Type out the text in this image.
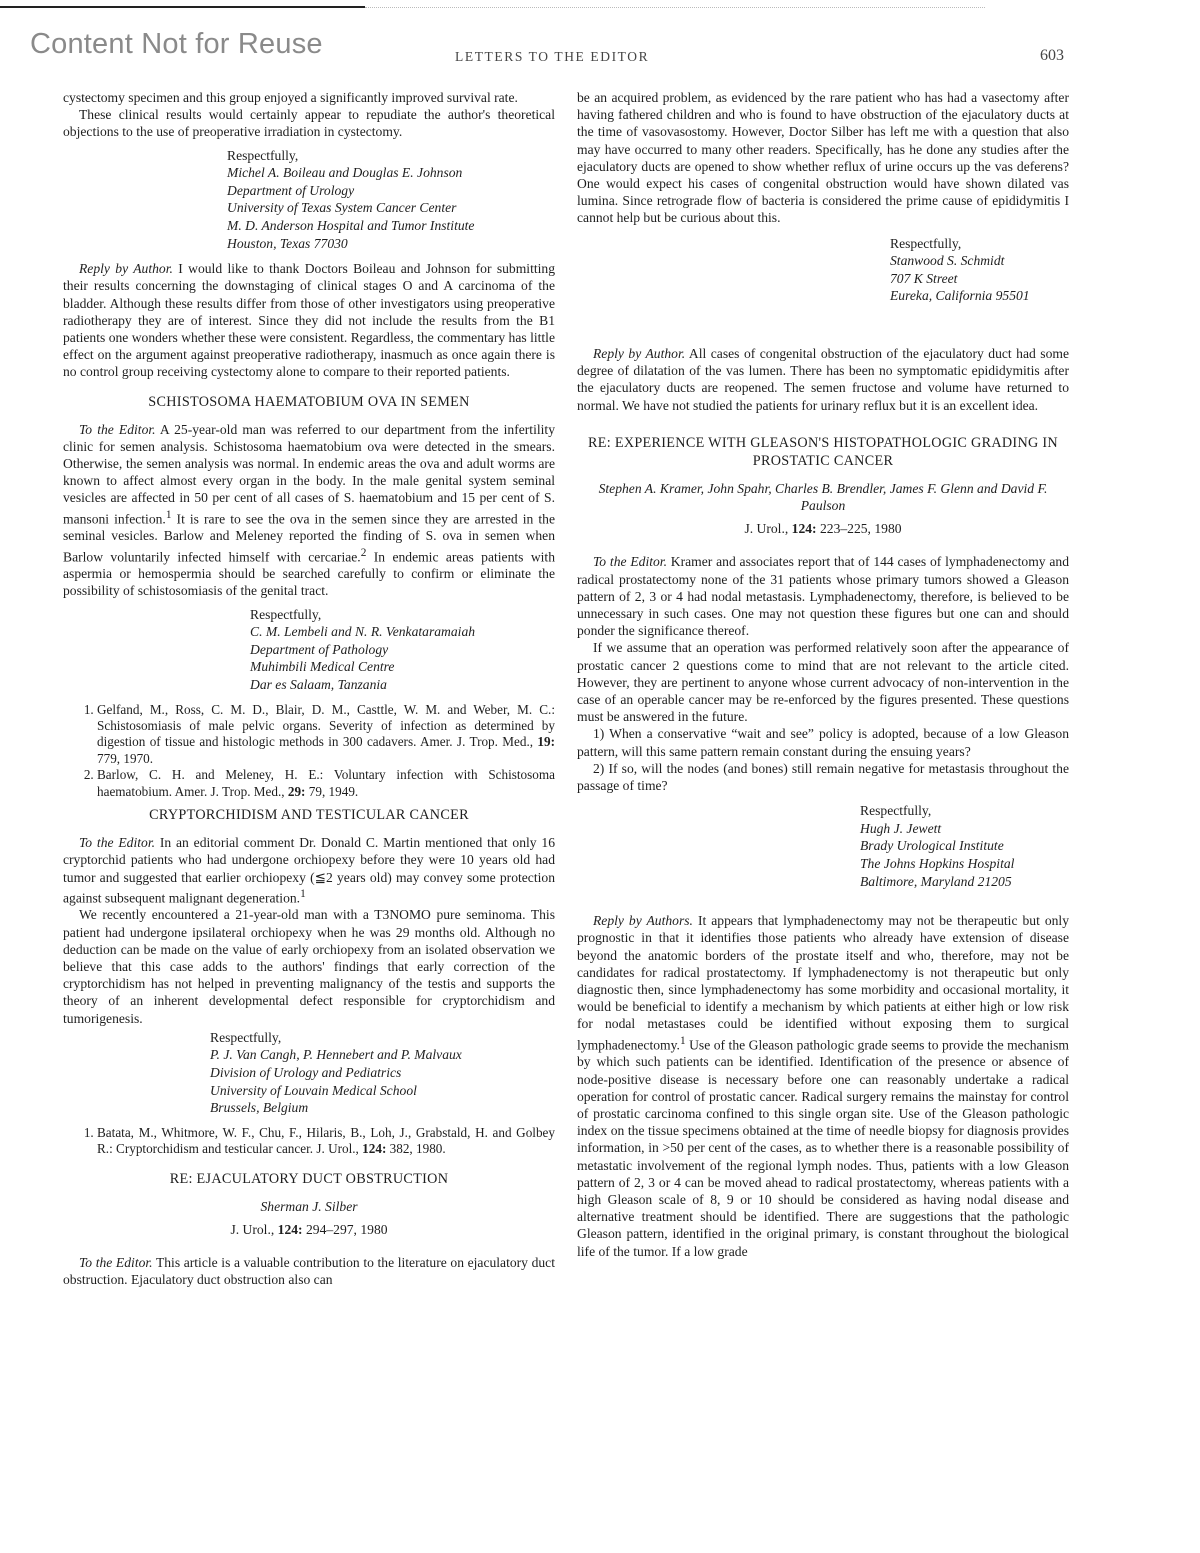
Content Not for Reuse	LETTERS TO THE EDITOR	603

cystectomy specimen and this group enjoyed a significantly improved survival rate.

These clinical results would certainly appear to repudiate the author's theoretical objections to the use of preoperative irradiation in cystectomy.

Respectfully,
Michel A. Boileau and Douglas E. Johnson
Department of Urology
University of Texas System Cancer Center
M. D. Anderson Hospital and Tumor Institute
Houston, Texas 77030

Reply by Author. I would like to thank Doctors Boileau and Johnson for submitting their results concerning the downstaging of clinical stages O and A carcinoma of the bladder. Although these results differ from those of other investigators using preoperative radiotherapy they are of interest. Since they did not include the results from the B1 patients one wonders whether these were consistent. Regardless, the commentary has little effect on the argument against preoperative radiotherapy, inasmuch as once again there is no control group receiving cystectomy alone to compare to their reported patients.

SCHISTOSOMA HAEMATOBIUM OVA IN SEMEN

To the Editor. A 25-year-old man was referred to our department from the infertility clinic for semen analysis. Schistosoma haematobium ova were detected in the smears. Otherwise, the semen analysis was normal. In endemic areas the ova and adult worms are known to affect almost every organ in the body. In the male genital system seminal vesicles are affected in 50 per cent of all cases of S. haematobium and 15 per cent of S. mansoni infection.$^1$ It is rare to see the ova in the semen since they are arrested in the seminal vesicles. Barlow and Meleney reported the finding of S. ova in semen when Barlow voluntarily infected himself with cercariae.$^2$ In endemic areas patients with aspermia or hemospermia should be searched carefully to confirm or eliminate the possibility of schistosomiasis of the genital tract.

Respectfully,
C. M. Lembeli and N. R. Venkataramaiah
Department of Pathology
Muhimbili Medical Centre
Dar es Salaam, Tanzania
1. Gelfand, M., Ross, C. M. D., Blair, D. M., Casttle, W. M. and Weber, M. C.: Schistosomiasis of male pelvic organs. Severity of infection as determined by digestion of tissue and histologic methods in 300 cadavers. Amer. J. Trop. Med., 19: 779, 1970.
2. Barlow, C. H. and Meleney, H. E.: Voluntary infection with Schistosoma haematobium. Amer. J. Trop. Med., 29: 79, 1949.
CRYPTORCHIDISM AND TESTICULAR CANCER

To the Editor. In an editorial comment Dr. Donald C. Martin mentioned that only 16 cryptorchid patients who had undergone orchiopexy before they were 10 years old had tumor and suggested that earlier orchiopexy (≦2 years old) may convey some protection against subsequent malignant degeneration.$^1$

We recently encountered a 21-year-old man with a T3NOMO pure seminoma. This patient had undergone ipsilateral orchiopexy when he was 29 months old. Although no deduction can be made on the value of early orchiopexy from an isolated observation we believe that this case adds to the authors' findings that early correction of the cryptorchidism has not helped in preventing malignancy of the testis and supports the theory of an inherent developmental defect responsible for cryptorchidism and tumorigenesis.

Respectfully,
P. J. Van Cangh, P. Hennebert and P. Malvaux
Division of Urology and Pediatrics
University of Louvain Medical School
Brussels, Belgium
1. Batata, M., Whitmore, W. F., Chu, F., Hilaris, B., Loh, J., Grabstald, H. and Golbey R.: Cryptorchidism and testicular cancer. J. Urol., 124: 382, 1980.
RE: EJACULATORY DUCT OBSTRUCTION
Sherman J. Silber
J. Urol., 124: 294–297, 1980

To the Editor. This article is a valuable contribution to the literature on ejaculatory duct obstruction. Ejaculatory duct obstruction also can

be an acquired problem, as evidenced by the rare patient who has had a vasectomy after having fathered children and who is found to have obstruction of the ejaculatory ducts at the time of vasovasostomy. However, Doctor Silber has left me with a question that also may have occurred to many other readers. Specifically, has he done any studies after the ejaculatory ducts are opened to show whether reflux of urine occurs up the vas deferens? One would expect his cases of congenital obstruction would have shown dilated vas lumina. Since retrograde flow of bacteria is considered the prime cause of epididymitis I cannot help but be curious about this.

Respectfully,
Stanwood S. Schmidt
707 K Street
Eureka, California 95501

Reply by Author. All cases of congenital obstruction of the ejaculatory duct had some degree of dilatation of the vas lumen. There has been no symptomatic epididymitis after the ejaculatory ducts are reopened. The semen fructose and volume have returned to normal. We have not studied the patients for urinary reflux but it is an excellent idea.

RE: EXPERIENCE WITH GLEASON'S HISTOPATHOLOGIC GRADING IN PROSTATIC CANCER
Stephen A. Kramer, John Spahr, Charles B. Brendler, James F. Glenn and David F. Paulson
J. Urol., 124: 223–225, 1980

To the Editor. Kramer and associates report that of 144 cases of lymphadenectomy and radical prostatectomy none of the 31 patients whose primary tumors showed a Gleason pattern of 2, 3 or 4 had nodal metastasis. Lymphadenectomy, therefore, is believed to be unnecessary in such cases. One may not question these figures but one can and should ponder the significance thereof.

If we assume that an operation was performed relatively soon after the appearance of prostatic cancer 2 questions come to mind that are not relevant to the article cited. However, they are pertinent to anyone whose current advocacy of non-intervention in the case of an operable cancer may be re-enforced by the figures presented. These questions must be answered in the future.

1) When a conservative “wait and see” policy is adopted, because of a low Gleason pattern, will this same pattern remain constant during the ensuing years?

2) If so, will the nodes (and bones) still remain negative for metastasis throughout the passage of time?

Respectfully,
Hugh J. Jewett
Brady Urological Institute
The Johns Hopkins Hospital
Baltimore, Maryland 21205

Reply by Authors. It appears that lymphadenectomy may not be therapeutic but only prognostic in that it identifies those patients who already have extension of disease beyond the anatomic borders of the prostate itself and who, therefore, may not be candidates for radical prostatectomy. If lymphadenectomy is not therapeutic but only diagnostic then, since lymphadenectomy has some morbidity and occasional mortality, it would be beneficial to identify a mechanism by which patients at either high or low risk for nodal metastases could be identified without exposing them to surgical lymphadenectomy.$^1$ Use of the Gleason pathologic grade seems to provide the mechanism by which such patients can be identified. Identification of the presence or absence of node-positive disease is necessary before one can reasonably undertake a radical operation for control of prostatic cancer. Radical surgery remains the mainstay for control of prostatic carcinoma confined to this single organ site. Use of the Gleason pathologic index on the tissue specimens obtained at the time of needle biopsy for diagnosis provides information, in >50 per cent of the cases, as to whether there is a reasonable possibility of metastatic involvement of the regional lymph nodes. Thus, patients with a low Gleason pattern of 2, 3 or 4 can be moved ahead to radical prostatectomy, whereas patients with a high Gleason scale of 8, 9 or 10 should be considered as having nodal disease and alternative treatment should be identified. There are suggestions that the pathologic Gleason pattern, identified in the original primary, is constant throughout the biological life of the tumor. If a low grade
